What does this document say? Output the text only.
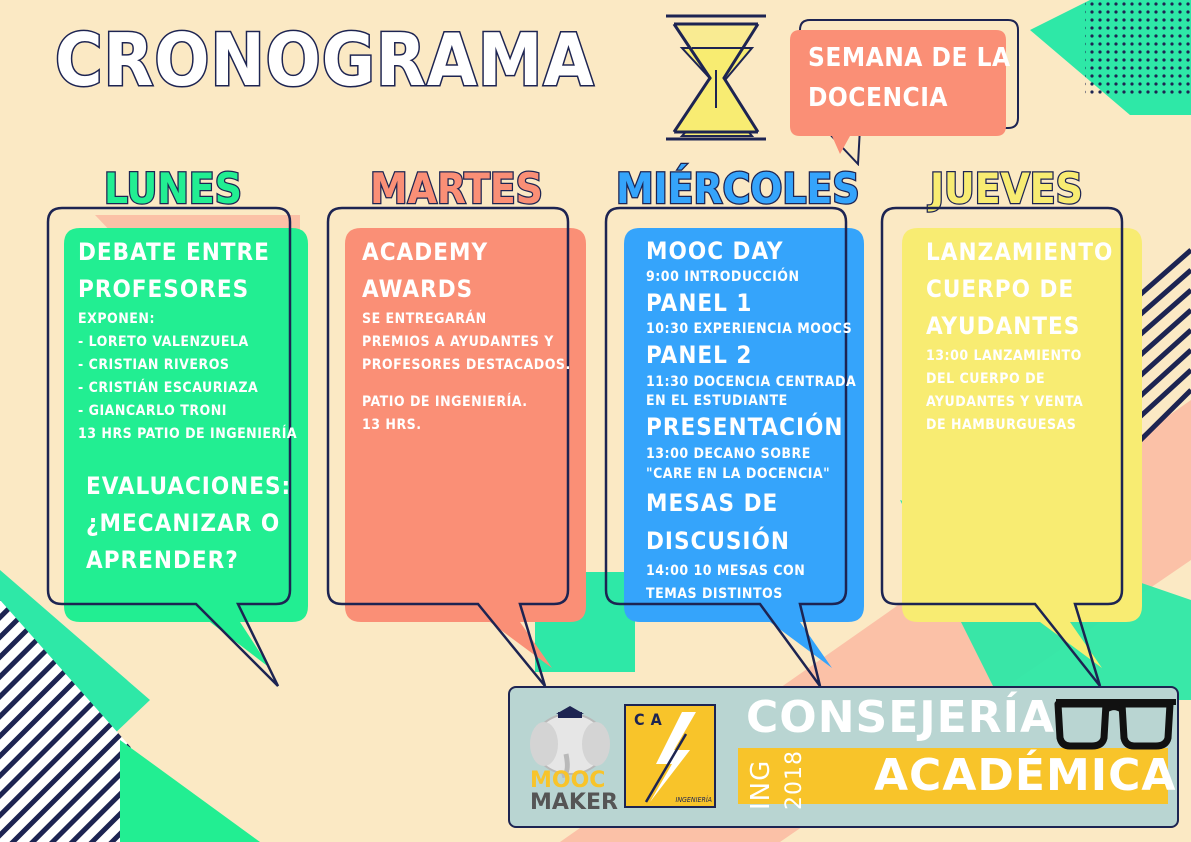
CRONOGRAMA	SEMANA DE LA
DOCENCIA
LUNES	MARTES MIÉRCOLES JUEVES
DEBATE ENTRE
PROFESORES
EXPONEN:
- LORETO VALENZUELA
- CRISTIAN RIVEROS
- CRISTIÁN ESCAURIAZA
- GIANCARLO TRONI
13 HRS PATIO DE INGENIERÍA
EVALUACIONES:
¿MECANIZAR O
APRENDER?
ACADEMY
AWARDS
SE ENTREGARÁN
PREMIOS A AYUDANTES Y
PROFESORES DESTACADOS.
PATIO DE INGENIERÍA.
13 HRS.
MOOC DAY
9:00 INTRODUCCIÓN
PANEL 1
10:30 EXPERIENCIA MOOCS
PANEL 2
11:30 DOCENCIA CENTRADA
EN EL ESTUDIANTE
PRESENTACIÓN
13:00 DECANO SOBRE
"CARE EN LA DOCENCIA"
MESAS DE
DISCUSIÓN
14:00 10 MESAS CON
TEMAS DISTINTOS
LANZAMIENTO
CUERPO DE
AYUDANTES
13:00 LANZAMIENTO
DEL CUERPO DE
AYUDANTES Y VENTA
DE HAMBURGUESAS
MOOC
MAKER
CA
INGENIERÍA
CONSEJERÍA
ACADÉMICA
ING 2018
